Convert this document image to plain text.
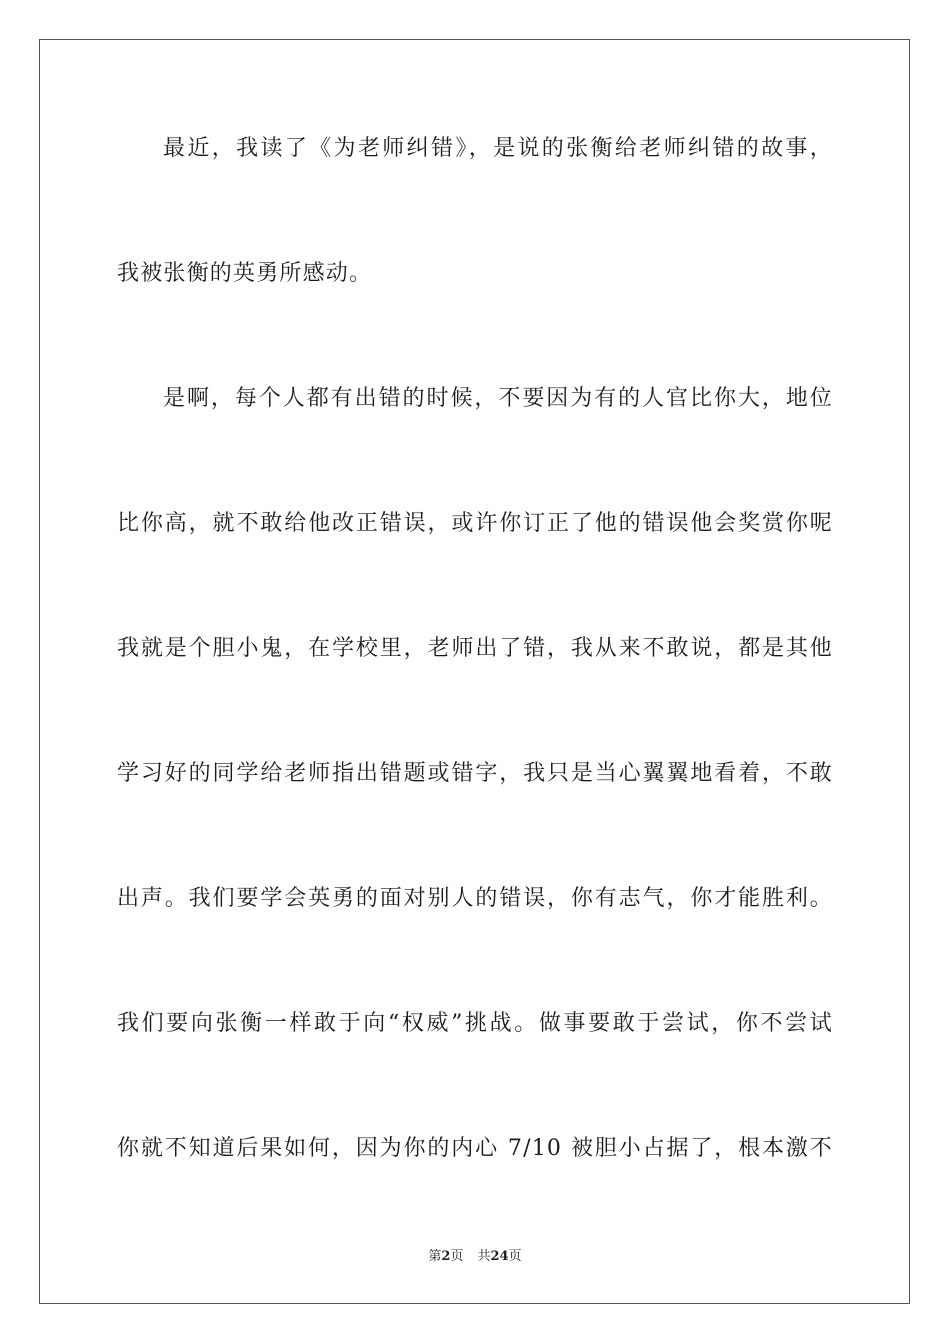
最近，我读了《为老师纠错》，是说的张衡给老师纠错的故事，
我被张衡的英勇所感动。
是啊，每个人都有出错的时候，不要因为有的人官比你大，地位
比你高，就不敢给他改正错误，或许你订正了他的错误他会奖赏你呢
我就是个胆小鬼，在学校里，老师出了错，我从来不敢说，都是其他
学习好的同学给老师指出错题或错字，我只是当心翼翼地看着，不敢
出声。我们要学会英勇的面对别人的错误，你有志气，你才能胜利。
我们要向张衡一样敢于向“权威”挑战。做事要敢于尝试，你不尝试
你就不知道后果如何，因为你的内心 7/10 被胆小占据了，根本激不
第2页 共24页
